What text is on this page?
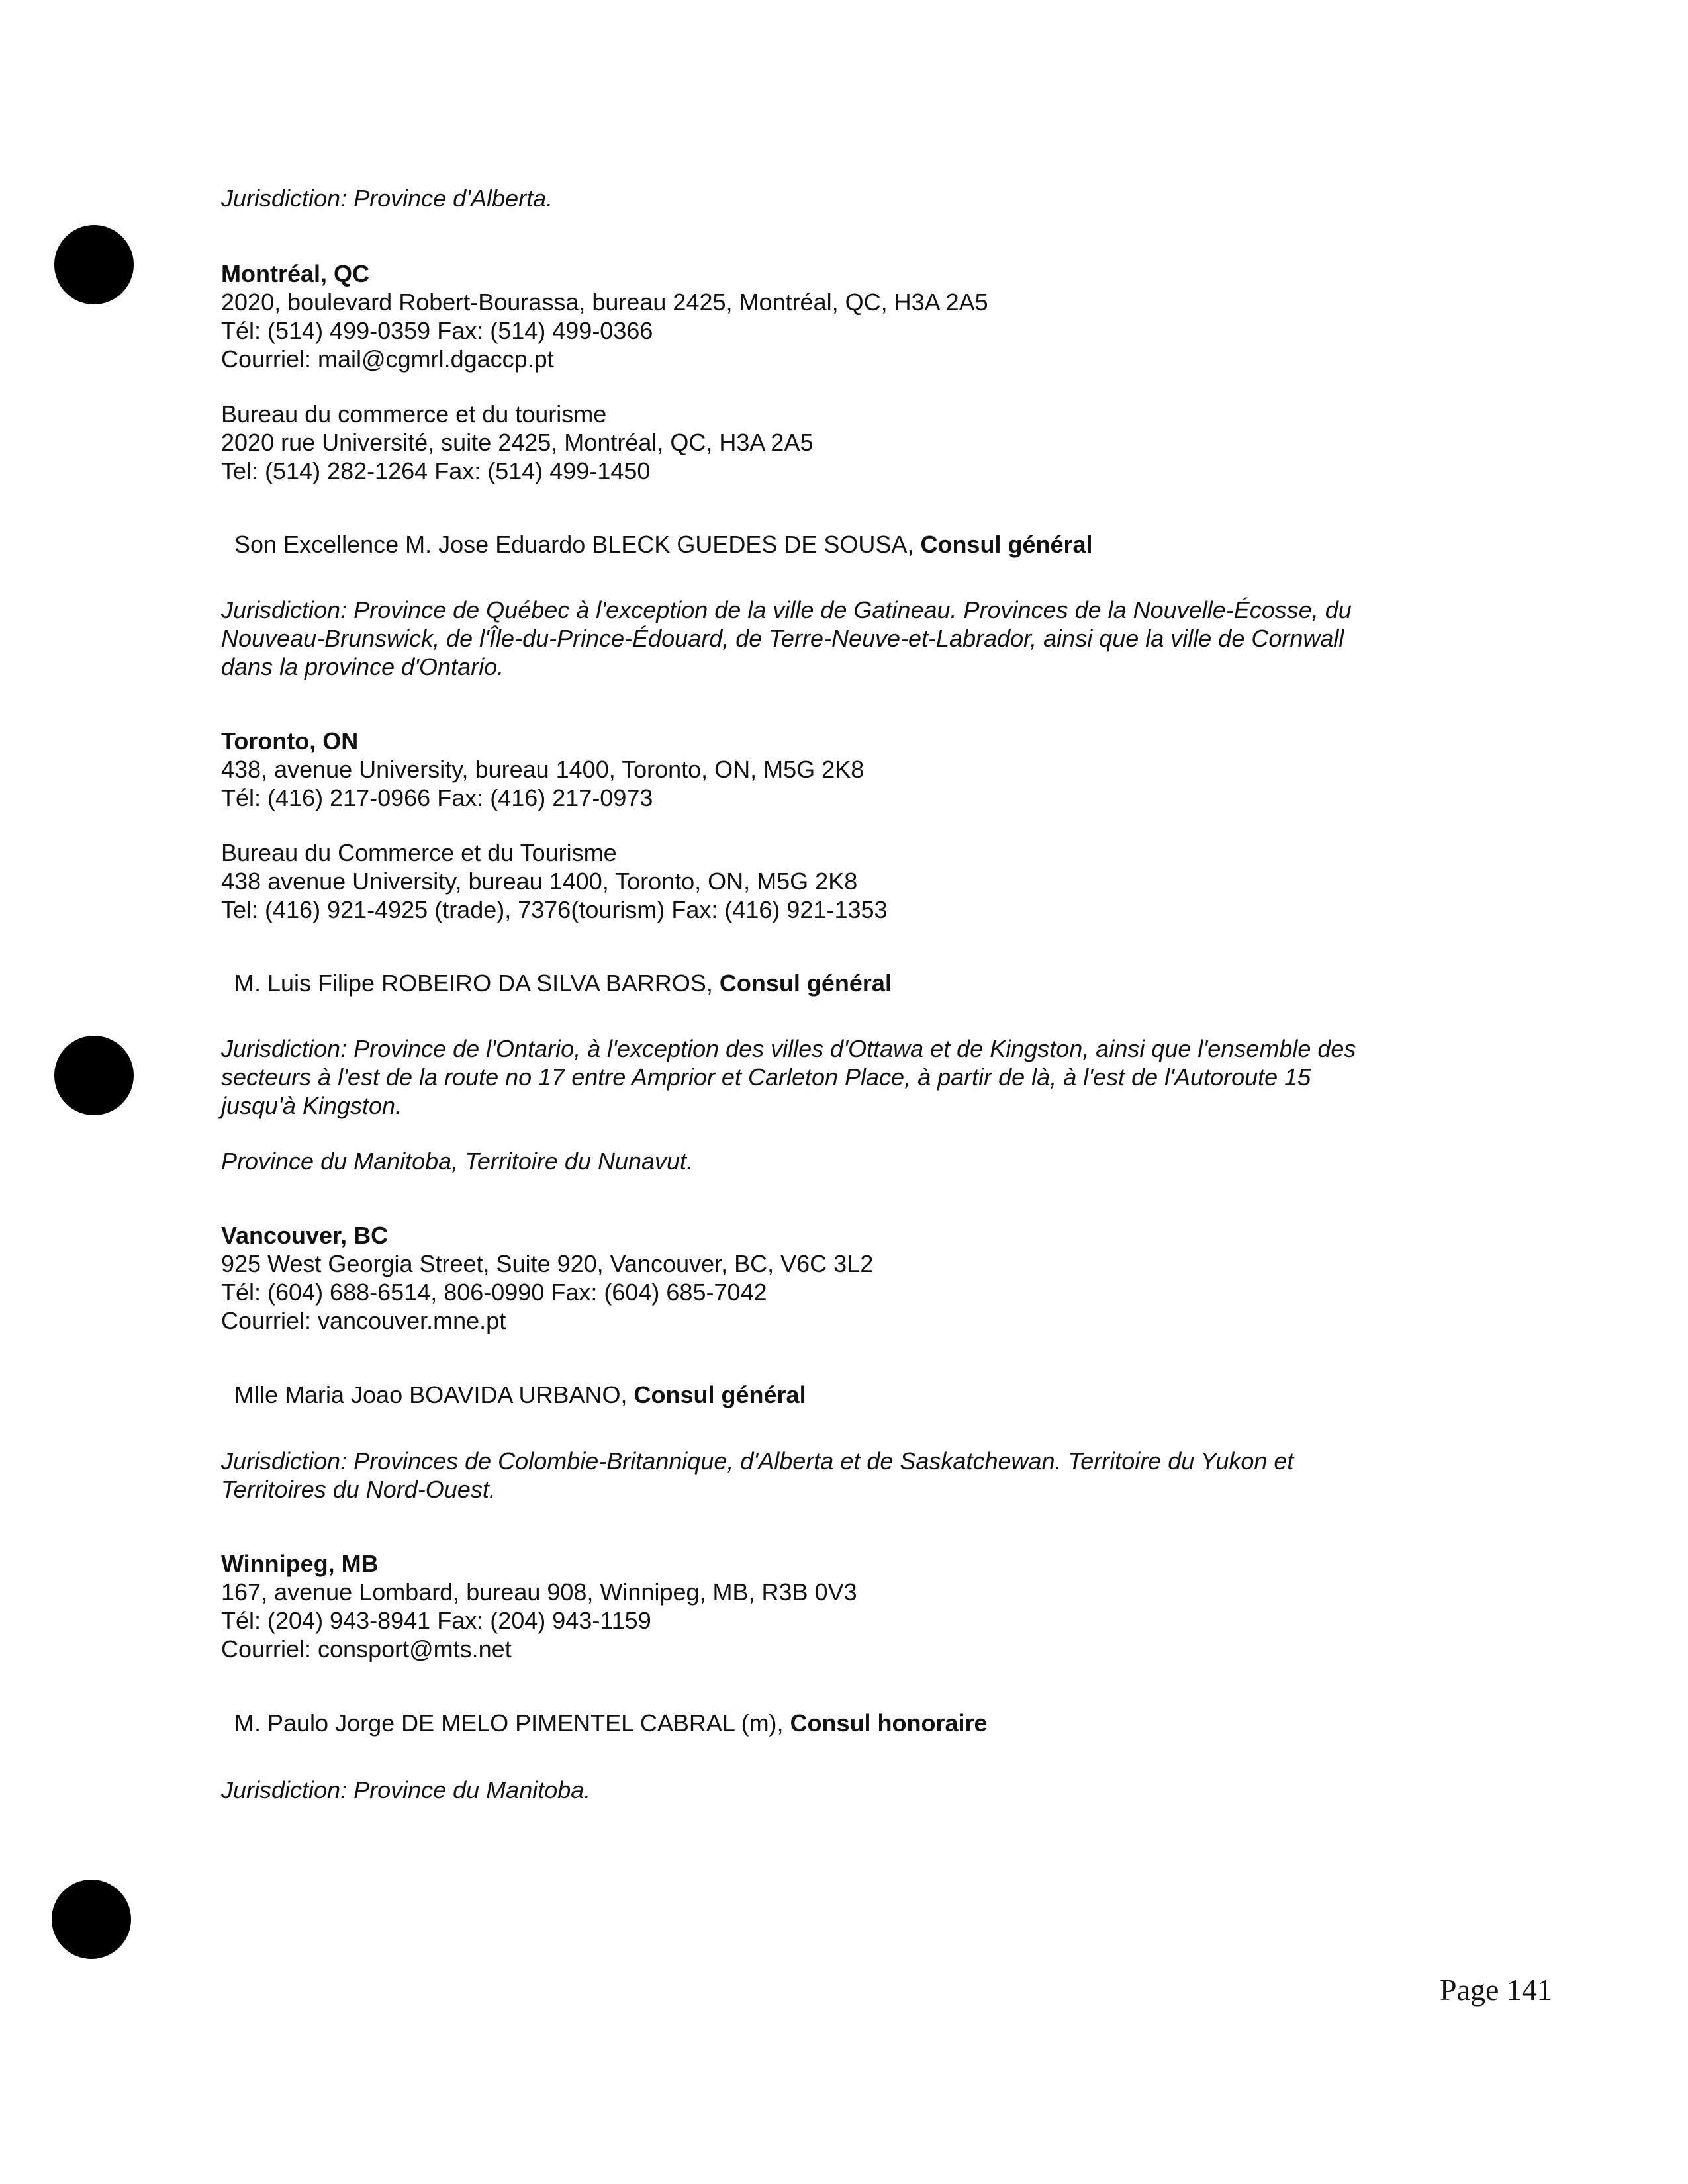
Jurisdiction: Province d'Alberta.

Montréal, QC

2020, boulevard Robert-Bourassa, bureau 2425, Montréal, QC, H3A 2A5

Tél: (514) 499-0359 Fax: (514) 499-0366

Courriel: mail@cgmrl.dgaccp.pt

Bureau du commerce et du tourisme

2020 rue Université, suite 2425, Montréal, QC, H3A 2A5

Tel: (514) 282-1264 Fax: (514) 499-1450

Son Excellence M. Jose Eduardo BLECK GUEDES DE SOUSA, Consul général

Jurisdiction: Province de Québec à l'exception de la ville de Gatineau. Provinces de la Nouvelle-Écosse, du

Nouveau-Brunswick, de l'Île-du-Prince-Édouard, de Terre-Neuve-et-Labrador, ainsi que la ville de Cornwall

dans la province d'Ontario.

Toronto, ON

438, avenue University, bureau 1400, Toronto, ON, M5G 2K8

Tél: (416) 217-0966 Fax: (416) 217-0973

Bureau du Commerce et du Tourisme

438 avenue University, bureau 1400, Toronto, ON, M5G 2K8

Tel: (416) 921-4925 (trade), 7376(tourism) Fax: (416) 921-1353

M. Luis Filipe ROBEIRO DA SILVA BARROS, Consul général

Jurisdiction: Province de l'Ontario, à l'exception des villes d'Ottawa et de Kingston, ainsi que l'ensemble des

secteurs à l'est de la route no 17 entre Amprior et Carleton Place, à partir de là, à l'est de l'Autoroute 15

jusqu'à Kingston.

Province du Manitoba, Territoire du Nunavut.

Vancouver, BC

925 West Georgia Street, Suite 920, Vancouver, BC, V6C 3L2

Tél: (604) 688-6514, 806-0990 Fax: (604) 685-7042

Courriel: vancouver.mne.pt

Mlle Maria Joao BOAVIDA URBANO, Consul général

Jurisdiction: Provinces de Colombie-Britannique, d'Alberta et de Saskatchewan. Territoire du Yukon et

Territoires du Nord-Ouest.

Winnipeg, MB

167, avenue Lombard, bureau 908, Winnipeg, MB, R3B 0V3

Tél: (204) 943-8941 Fax: (204) 943-1159

Courriel: consport@mts.net

M. Paulo Jorge DE MELO PIMENTEL CABRAL (m), Consul honoraire

Jurisdiction: Province du Manitoba.

Page 141
